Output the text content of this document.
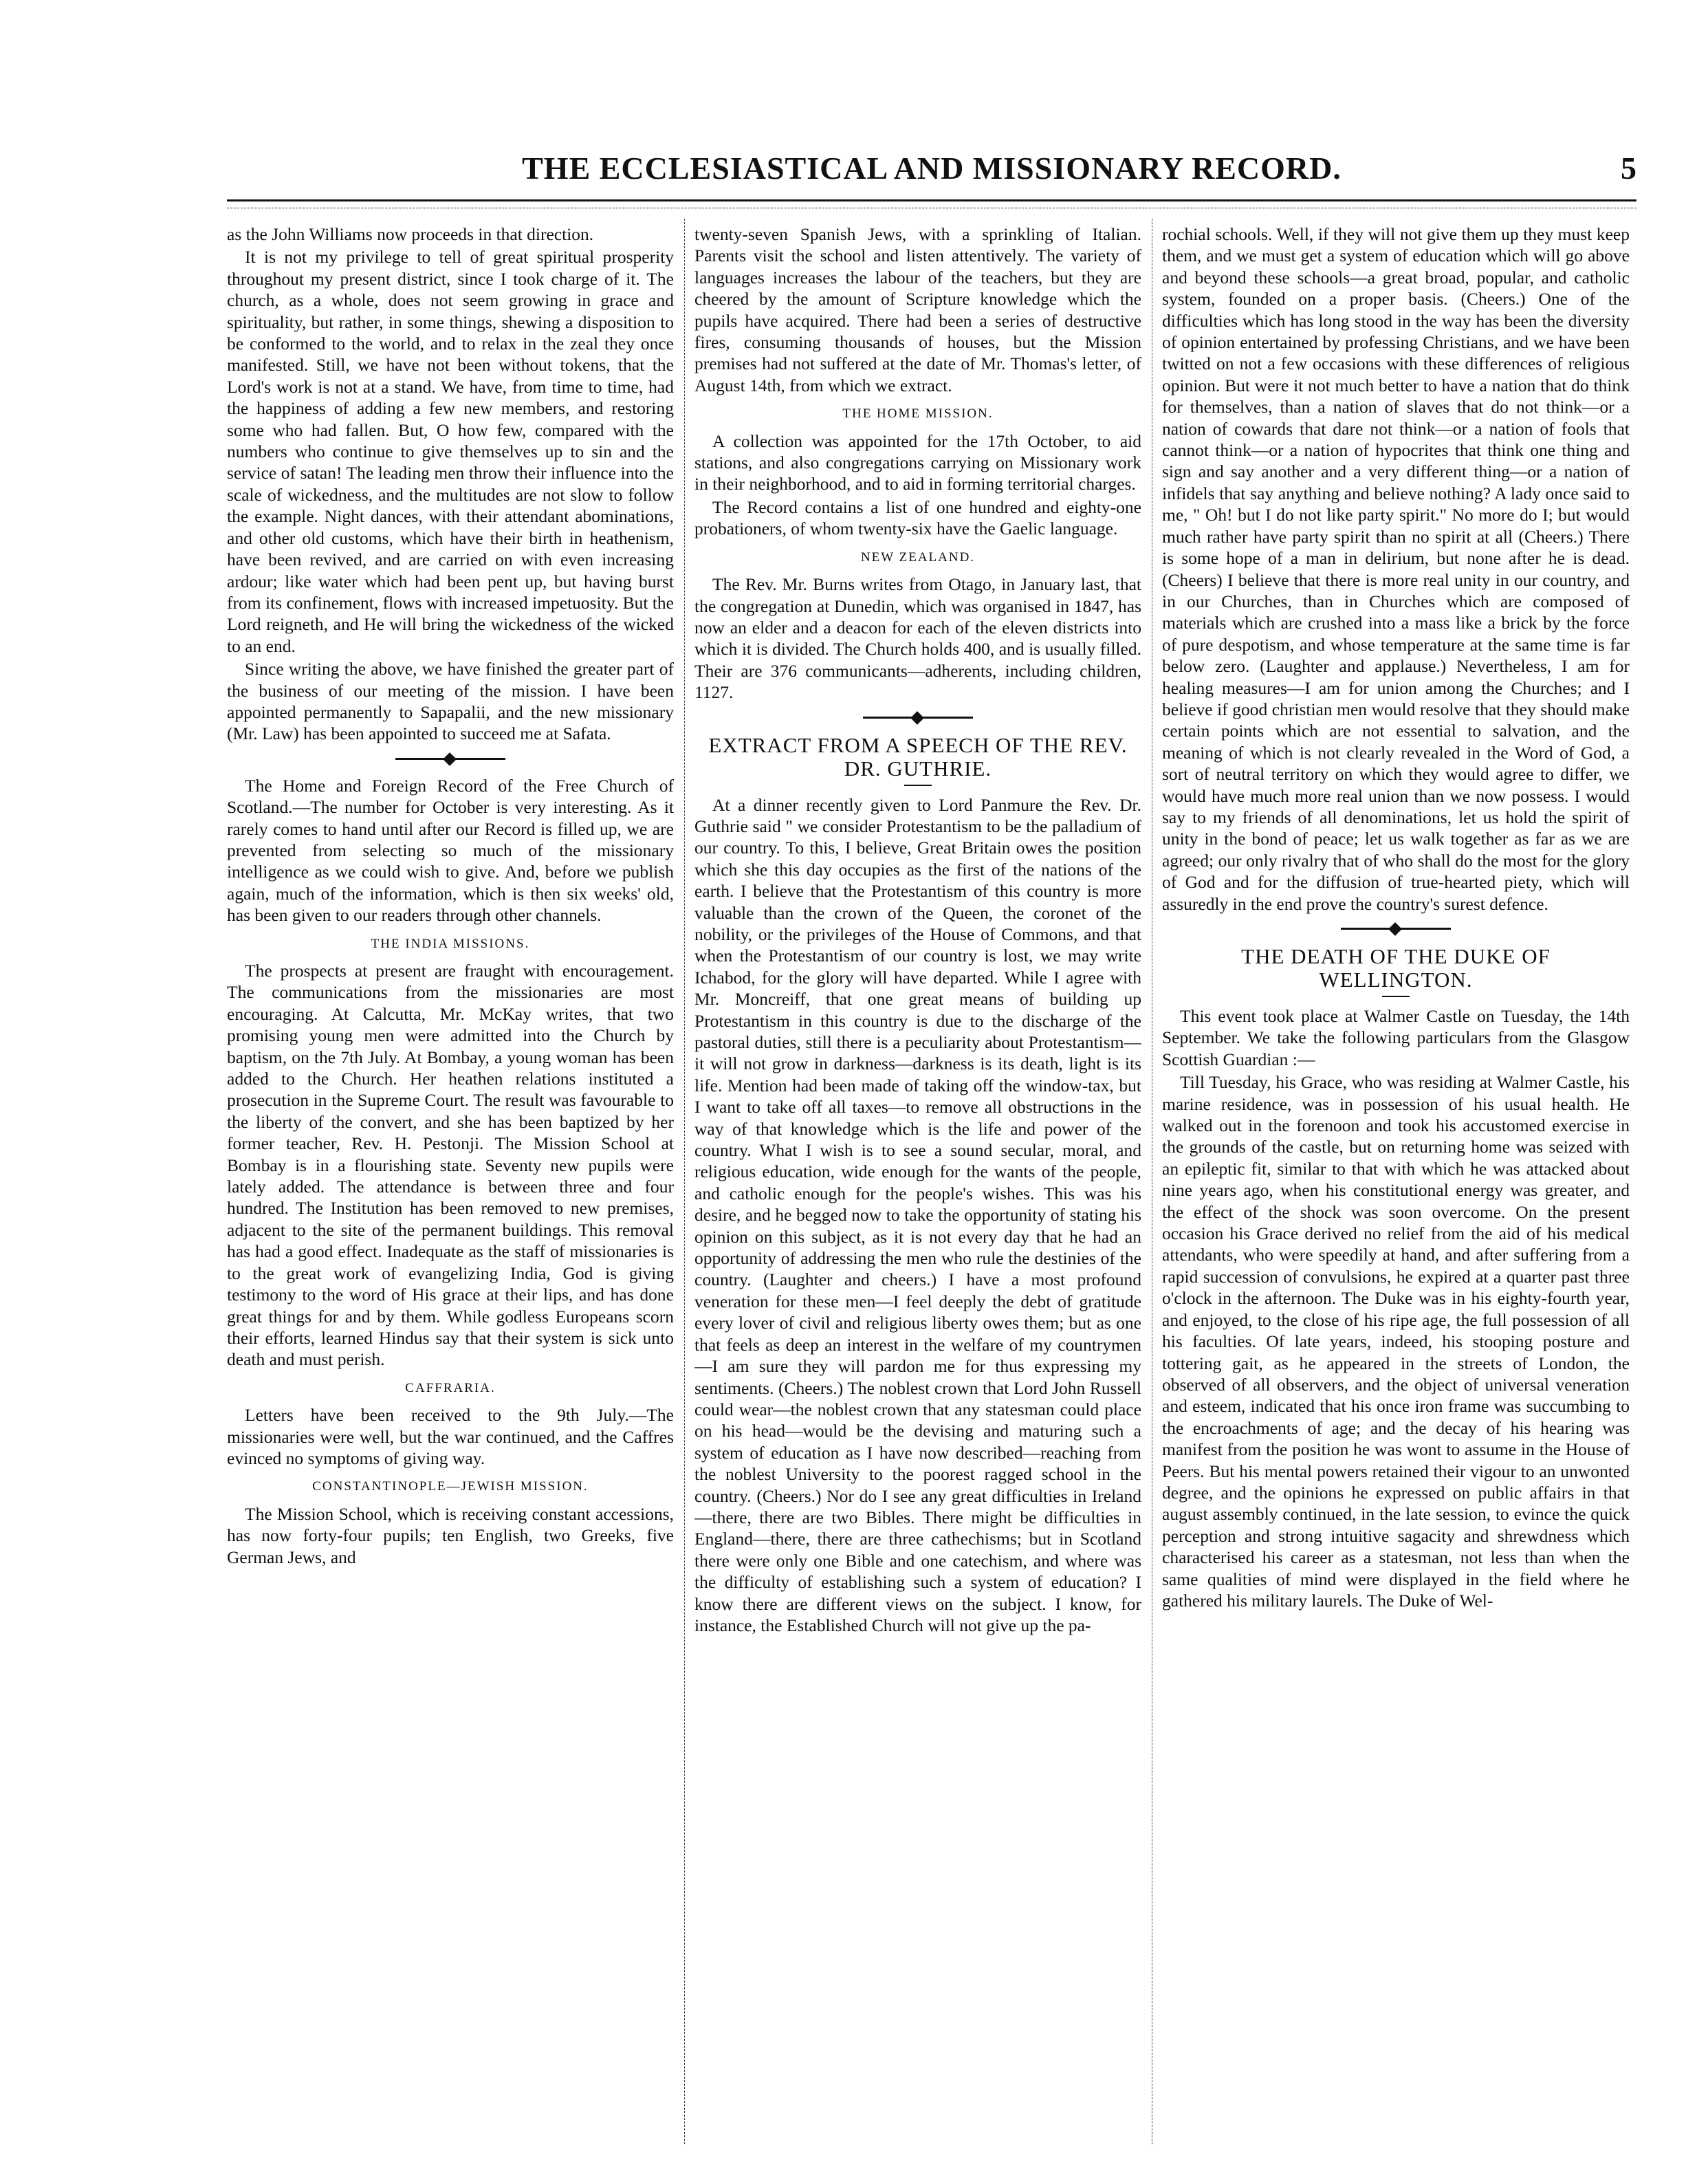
THE ECCLESIASTICAL AND MISSIONARY RECORD.	5

as the John Williams now proceeds in that direction.

It is not my privilege to tell of great spiritual prosperity throughout my present district, since I took charge of it. The church, as a whole, does not seem growing in grace and spirituality, but rather, in some things, shewing a disposition to be conformed to the world, and to relax in the zeal they once manifested. Still, we have not been without tokens, that the Lord's work is not at a stand. We have, from time to time, had the happiness of adding a few new members, and restoring some who had fallen. But, O how few, compared with the numbers who continue to give themselves up to sin and the service of satan! The leading men throw their influence into the scale of wickedness, and the multitudes are not slow to follow the example. Night dances, with their attendant abominations, and other old customs, which have their birth in heathenism, have been revived, and are carried on with even increasing ardour; like water which had been pent up, but having burst from its confinement, flows with increased impetuosity. But the Lord reigneth, and He will bring the wickedness of the wicked to an end.

Since writing the above, we have finished the greater part of the business of our meeting of the mission. I have been appointed permanently to Sapapalii, and the new missionary (Mr. Law) has been appointed to succeed me at Safata.

The Home and Foreign Record of the Free Church of Scotland.—The number for October is very interesting. As it rarely comes to hand until after our Record is filled up, we are prevented from selecting so much of the missionary intelligence as we could wish to give. And, before we publish again, much of the information, which is then six weeks' old, has been given to our readers through other channels.

THE INDIA MISSIONS.

The prospects at present are fraught with encouragement. The communications from the missionaries are most encouraging. At Calcutta, Mr. McKay writes, that two promising young men were admitted into the Church by baptism, on the 7th July. At Bombay, a young woman has been added to the Church. Her heathen relations instituted a prosecution in the Supreme Court. The result was favourable to the liberty of the convert, and she has been baptized by her former teacher, Rev. H. Pestonji. The Mission School at Bombay is in a flourishing state. Seventy new pupils were lately added. The attendance is between three and four hundred. The Institution has been removed to new premises, adjacent to the site of the permanent buildings. This removal has had a good effect. Inadequate as the staff of missionaries is to the great work of evangelizing India, God is giving testimony to the word of His grace at their lips, and has done great things for and by them. While godless Europeans scorn their efforts, learned Hindus say that their system is sick unto death and must perish.

CAFFRARIA.

Letters have been received to the 9th July.—The missionaries were well, but the war continued, and the Caffres evinced no symptoms of giving way.

CONSTANTINOPLE—JEWISH MISSION.

The Mission School, which is receiving constant accessions, has now forty-four pupils; ten English, two Greeks, five German Jews, and

twenty-seven Spanish Jews, with a sprinkling of Italian. Parents visit the school and listen attentively. The variety of languages increases the labour of the teachers, but they are cheered by the amount of Scripture knowledge which the pupils have acquired. There had been a series of destructive fires, consuming thousands of houses, but the Mission premises had not suffered at the date of Mr. Thomas's letter, of August 14th, from which we extract.

THE HOME MISSION.

A collection was appointed for the 17th October, to aid stations, and also congregations carrying on Missionary work in their neighborhood, and to aid in forming territorial charges.

The Record contains a list of one hundred and eighty-one probationers, of whom twenty-six have the Gaelic language.

NEW ZEALAND.

The Rev. Mr. Burns writes from Otago, in January last, that the congregation at Dunedin, which was organised in 1847, has now an elder and a deacon for each of the eleven districts into which it is divided. The Church holds 400, and is usually filled. Their are 376 communicants—adherents, including children, 1127.

EXTRACT FROM A SPEECH OF THE REV. DR. GUTHRIE.

At a dinner recently given to Lord Panmure the Rev. Dr. Guthrie said " we consider Protestantism to be the palladium of our country. To this, I believe, Great Britain owes the position which she this day occupies as the first of the nations of the earth. I believe that the Protestantism of this country is more valuable than the crown of the Queen, the coronet of the nobility, or the privileges of the House of Commons, and that when the Protestantism of our country is lost, we may write Ichabod, for the glory will have departed. While I agree with Mr. Moncreiff, that one great means of building up Protestantism in this country is due to the discharge of the pastoral duties, still there is a peculiarity about Protestantism—it will not grow in darkness—darkness is its death, light is its life. Mention had been made of taking off the window-tax, but I want to take off all taxes—to remove all obstructions in the way of that knowledge which is the life and power of the country. What I wish is to see a sound secular, moral, and religious education, wide enough for the wants of the people, and catholic enough for the people's wishes. This was his desire, and he begged now to take the opportunity of stating his opinion on this subject, as it is not every day that he had an opportunity of addressing the men who rule the destinies of the country. (Laughter and cheers.) I have a most profound veneration for these men—I feel deeply the debt of gratitude every lover of civil and religious liberty owes them; but as one that feels as deep an interest in the welfare of my countrymen—I am sure they will pardon me for thus expressing my sentiments. (Cheers.) The noblest crown that Lord John Russell could wear—the noblest crown that any statesman could place on his head—would be the devising and maturing such a system of education as I have now described—reaching from the noblest University to the poorest ragged school in the country. (Cheers.) Nor do I see any great difficulties in Ireland—there, there are two Bibles. There might be difficulties in England—there, there are three cathechisms; but in Scotland there were only one Bible and one catechism, and where was the difficulty of establishing such a system of education? I know there are different views on the subject. I know, for instance, the Established Church will not give up the pa-

rochial schools. Well, if they will not give them up they must keep them, and we must get a system of education which will go above and beyond these schools—a great broad, popular, and catholic system, founded on a proper basis. (Cheers.) One of the difficulties which has long stood in the way has been the diversity of opinion entertained by professing Christians, and we have been twitted on not a few occasions with these differences of religious opinion. But were it not much better to have a nation that do think for themselves, than a nation of slaves that do not think—or a nation of cowards that dare not think—or a nation of fools that cannot think—or a nation of hypocrites that think one thing and sign and say another and a very different thing—or a nation of infidels that say anything and believe nothing? A lady once said to me, " Oh! but I do not like party spirit." No more do I; but would much rather have party spirit than no spirit at all (Cheers.) There is some hope of a man in delirium, but none after he is dead. (Cheers) I believe that there is more real unity in our country, and in our Churches, than in Churches which are composed of materials which are crushed into a mass like a brick by the force of pure despotism, and whose temperature at the same time is far below zero. (Laughter and applause.) Nevertheless, I am for healing measures—I am for union among the Churches; and I believe if good christian men would resolve that they should make certain points which are not essential to salvation, and the meaning of which is not clearly revealed in the Word of God, a sort of neutral territory on which they would agree to differ, we would have much more real union than we now possess. I would say to my friends of all denominations, let us hold the spirit of unity in the bond of peace; let us walk together as far as we are agreed; our only rivalry that of who shall do the most for the glory of God and for the diffusion of true-hearted piety, which will assuredly in the end prove the country's surest defence.

THE DEATH OF THE DUKE OF WELLINGTON.

This event took place at Walmer Castle on Tuesday, the 14th September. We take the following particulars from the Glasgow Scottish Guardian :—

Till Tuesday, his Grace, who was residing at Walmer Castle, his marine residence, was in possession of his usual health. He walked out in the forenoon and took his accustomed exercise in the grounds of the castle, but on returning home was seized with an epileptic fit, similar to that with which he was attacked about nine years ago, when his constitutional energy was greater, and the effect of the shock was soon overcome. On the present occasion his Grace derived no relief from the aid of his medical attendants, who were speedily at hand, and after suffering from a rapid succession of convulsions, he expired at a quarter past three o'clock in the afternoon. The Duke was in his eighty-fourth year, and enjoyed, to the close of his ripe age, the full possession of all his faculties. Of late years, indeed, his stooping posture and tottering gait, as he appeared in the streets of London, the observed of all observers, and the object of universal veneration and esteem, indicated that his once iron frame was succumbing to the encroachments of age; and the decay of his hearing was manifest from the position he was wont to assume in the House of Peers. But his mental powers retained their vigour to an unwonted degree, and the opinions he expressed on public affairs in that august assembly continued, in the late session, to evince the quick perception and strong intuitive sagacity and shrewdness which characterised his career as a statesman, not less than when the same qualities of mind were displayed in the field where he gathered his military laurels. The Duke of Wel-
